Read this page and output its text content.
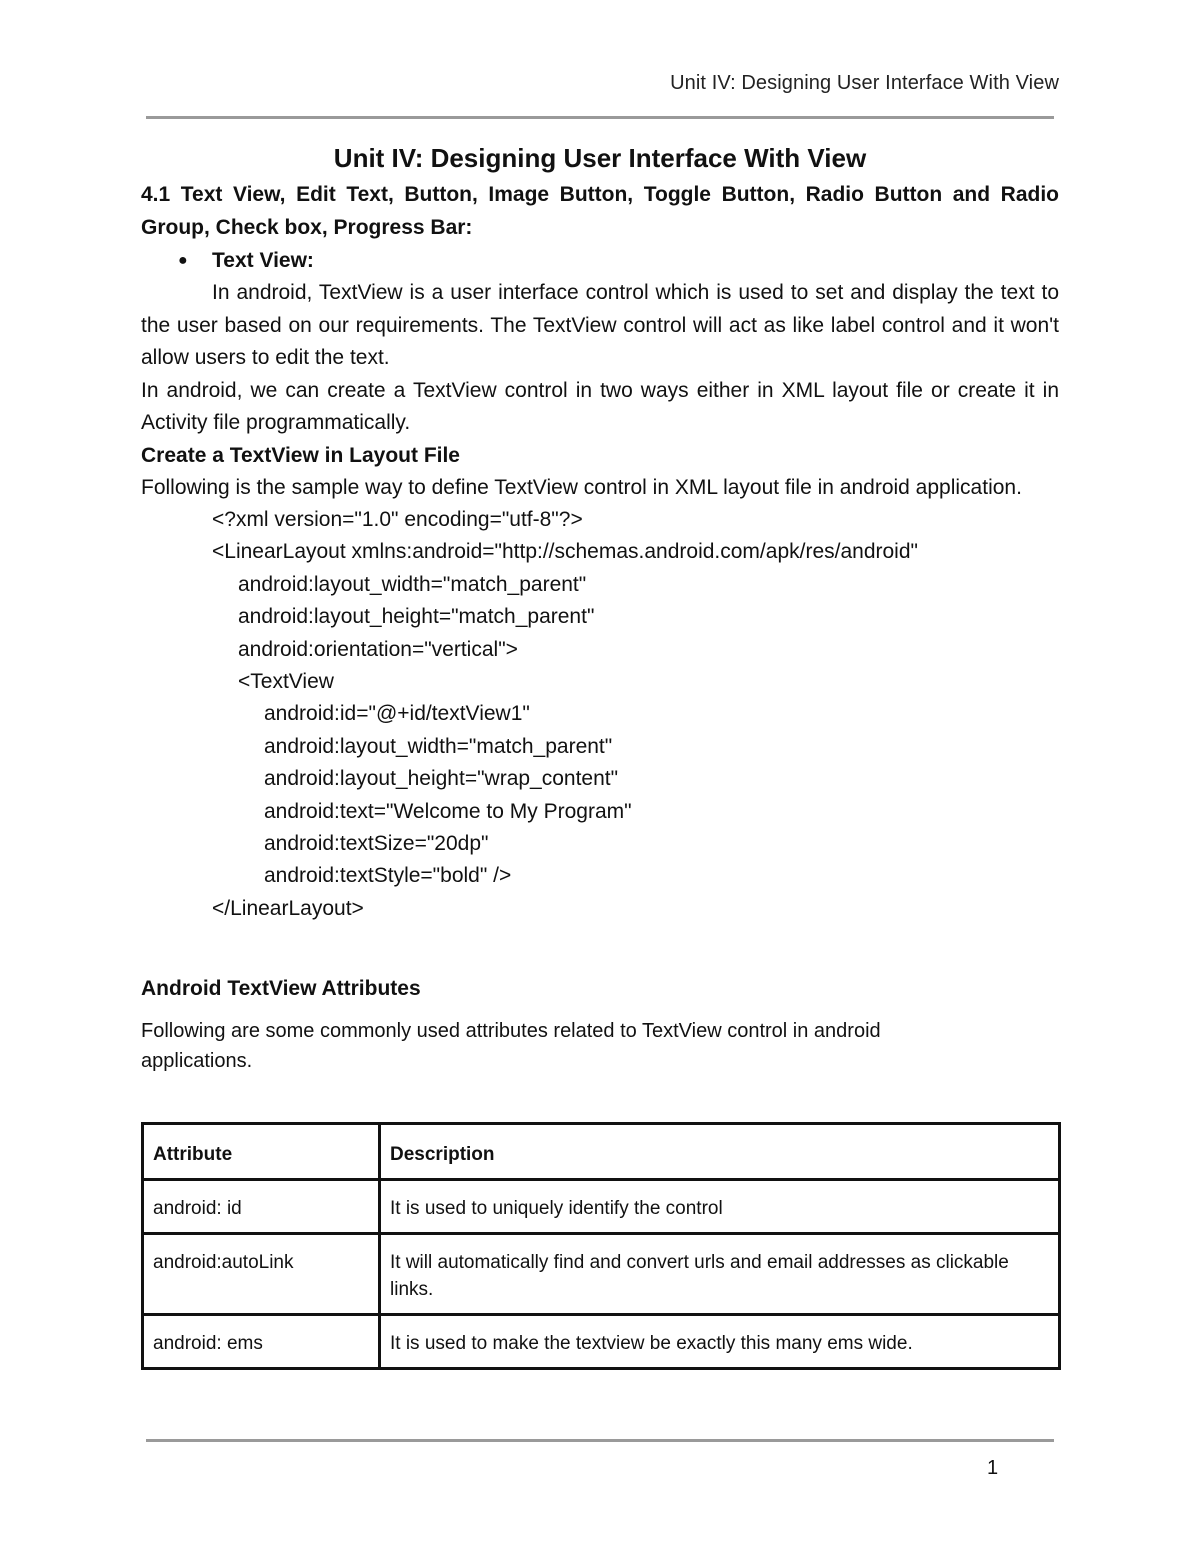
Unit IV: Designing User Interface With View
Unit IV: Designing User Interface With View

4.1 Text View, Edit Text, Button, Image Button, Toggle Button, Radio Button and Radio Group, Check box, Progress Bar:

● Text View:

In android, TextView is a user interface control which is used to set and display the text to the user based on our requirements. The TextView control will act as like label control and it won't allow users to edit the text.

In android, we can create a TextView control in two ways either in XML layout file or create it in Activity file programmatically.

Create a TextView in Layout File

Following is the sample way to define TextView control in XML layout file in android application.

<?xml version="1.0" encoding="utf-8"?>
<LinearLayout xmlns:android="http://schemas.android.com/apk/res/android"
android:layout_width="match_parent"
android:layout_height="match_parent"
android:orientation="vertical">
<TextView
android:id="@+id/textView1"
android:layout_width="match_parent"
android:layout_height="wrap_content"
android:text="Welcome to My Program"
android:textSize="20dp"
android:textStyle="bold" />
</LinearLayout>
Android TextView Attributes
Following are some commonly used attributes related to TextView control in android applications.
Attribute	Description
android: id	It is used to uniquely identify the control
android:autoLink	It will automatically find and convert urls and email addresses as clickable links.
android: ems	It is used to make the textview be exactly this many ems wide.
1
